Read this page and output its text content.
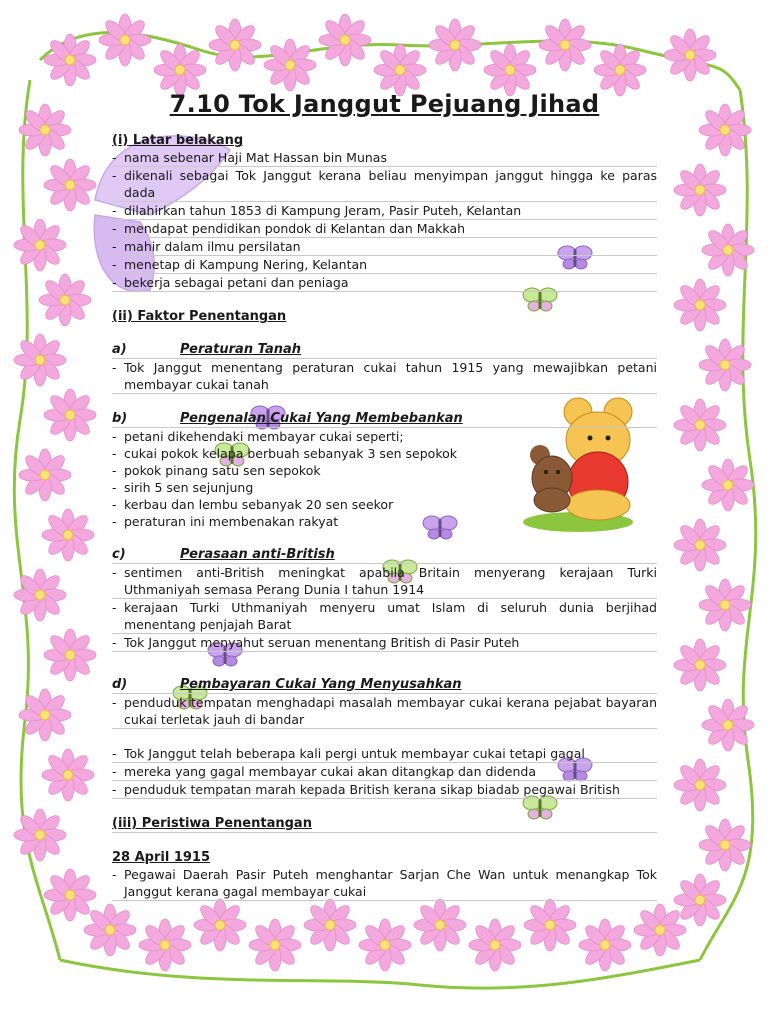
7.10 Tok Janggut Pejuang Jihad
(i) Latar belakang
- nama sebenar Haji Mat Hassan bin Munas
- dikenali sebagai Tok Janggut kerana beliau menyimpan janggut hingga ke paras dada
- dilahirkan tahun 1853 di Kampung Jeram, Pasir Puteh, Kelantan
- mendapat pendidikan pondok di Kelantan dan Makkah
- mahir dalam ilmu persilatan
- menetap di Kampung Nering, Kelantan
- bekerja sebagai petani dan peniaga
(ii) Faktor Penentangan
a)	Peraturan Tanah
- Tok Janggut menentang peraturan cukai tahun 1915 yang mewajibkan petani membayar cukai tanah
b)	Pengenalan Cukai Yang Membebankan
- petani dikehendaki membayar cukai seperti;
- cukai pokok kelapa berbuah sebanyak 3 sen sepokok
- pokok pinang satu sen sepokok
- sirih 5 sen sejunjung
- kerbau dan lembu sebanyak 20 sen seekor
- peraturan ini membenakan rakyat
c)	Perasaan anti-British
- sentimen anti-British meningkat apabila Britain menyerang kerajaan Turki Uthmaniyah semasa Perang Dunia I tahun 1914
- kerajaan Turki Uthmaniyah menyeru umat Islam di seluruh dunia berjihad menentang penjajah Barat
- Tok Janggut menyahut seruan menentang British di Pasir Puteh
d)	Pembayaran Cukai Yang Menyusahkan
- penduduk tempatan menghadapi masalah membayar cukai kerana pejabat bayaran cukai terletak jauh di bandar
- Tok Janggut telah beberapa kali pergi untuk membayar cukai tetapi gagal
- mereka yang gagal membayar cukai akan ditangkap dan didenda
- penduduk tempatan marah kepada British kerana sikap biadab pegawai British
(iii) Peristiwa Penentangan
28 April 1915
- Pegawai Daerah Pasir Puteh menghantar Sarjan Che Wan untuk menangkap Tok Janggut kerana gagal membayar cukai
